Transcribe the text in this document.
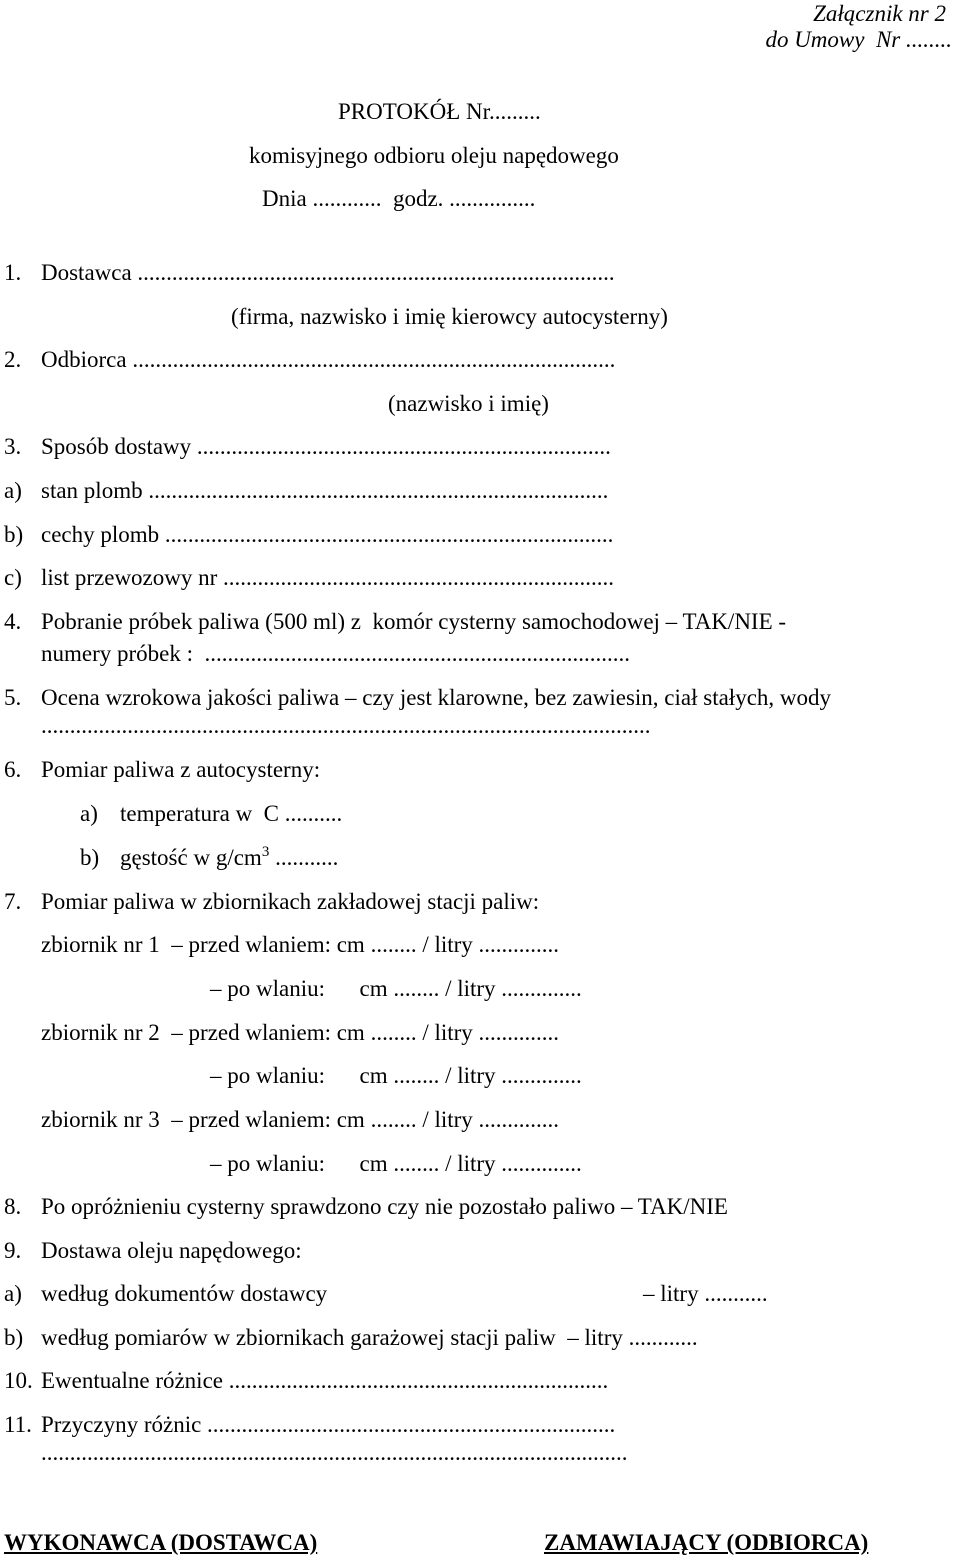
Załącznik nr 2
do Umowy  Nr ........
PROTOKÓŁ Nr.........
komisyjnego odbioru oleju napędowego
Dnia ............  godz. ...............
1. Dostawca ...................................................................................
(firma, nazwisko i imię kierowcy autocysterny)
2. Odbiorca ....................................................................................
(nazwisko i imię)
3. Sposób dostawy ........................................................................
a) stan plomb ................................................................................
b) cechy plomb ..............................................................................
c) list przewozowy nr ....................................................................
4. Pobranie próbek paliwa (500 ml) z  komór cysterny samochodowej – TAK/NIE -
numery próbek :  ..........................................................................
5. Ocena wzrokowa jakości paliwa – czy jest klarowne, bez zawiesin, ciał stałych, wody
..........................................................................................................
6. Pomiar paliwa z autocysterny:
a) temperatura w  C ..........
b) gęstość w $g/cm^3$ ...........
7. Pomiar paliwa w zbiornikach zakładowej stacji paliw:
zbiornik nr 1  – przed wlaniem: cm ........ / litry ..............
– po wlaniu:      cm ........ / litry ..............
zbiornik nr 2  – przed wlaniem: cm ........ / litry ..............
– po wlaniu:      cm ........ / litry ..............
zbiornik nr 3  – przed wlaniem: cm ........ / litry ..............
– po wlaniu:      cm ........ / litry ..............
8. Po opróżnieniu cysterny sprawdzono czy nie pozostało paliwo – TAK/NIE
9. Dostawa oleju napędowego:
a) według dokumentów dostawcy	– litry ...........
b) według pomiarów w zbiornikach garażowej stacji paliw  – litry ............
10. Ewentualne różnice ..................................................................
11. Przyczyny różnic .......................................................................
......................................................................................................
WYKONAWCA (DOSTAWCA)	ZAMAWIAJĄCY (ODBIORCA)
